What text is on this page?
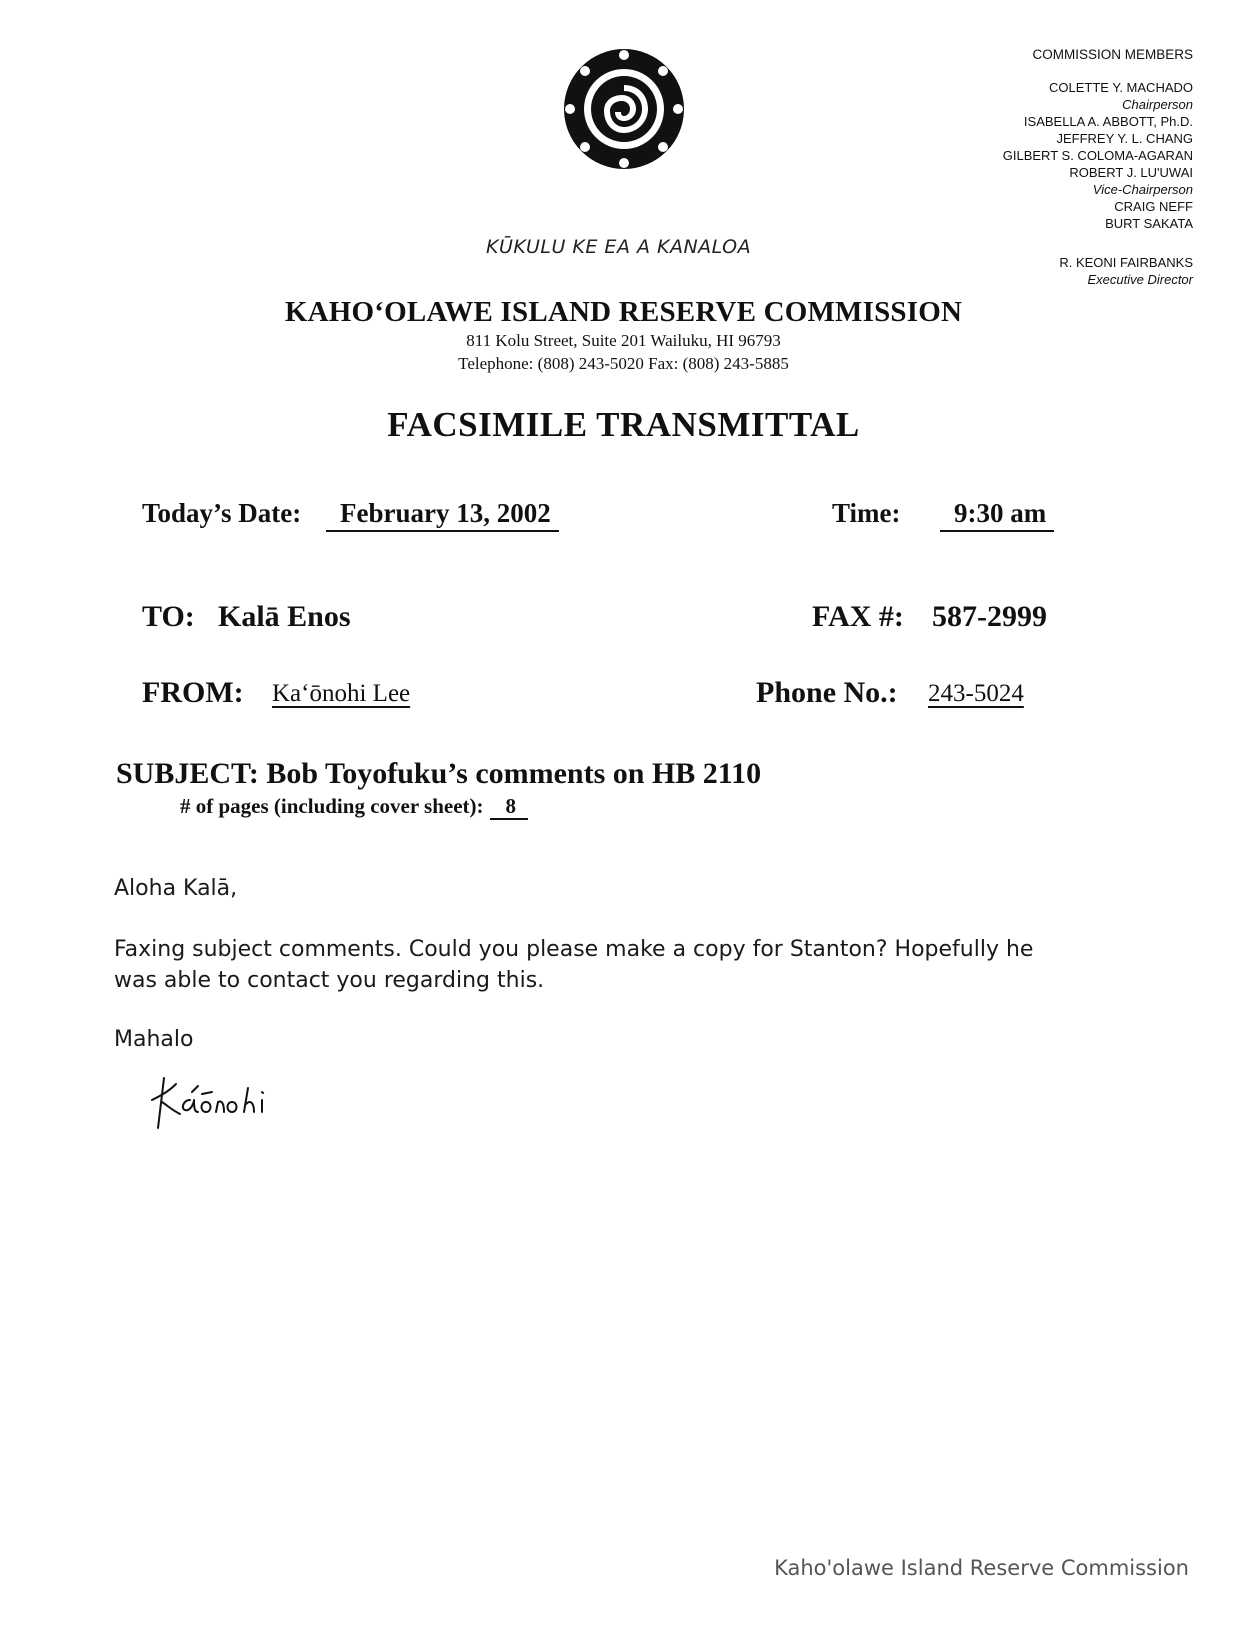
KŪKULU KE EA A KANALOA
COMMISSION MEMBERS
COLETTE Y. MACHADO
Chairperson
ISABELLA A. ABBOTT, Ph.D.
JEFFREY Y. L. CHANG
GILBERT S. COLOMA-AGARAN
ROBERT J. LU'UWAI
Vice-Chairperson
CRAIG NEFF
BURT SAKATA
R. KEONI FAIRBANKS
Executive Director
KAHO‘OLAWE ISLAND RESERVE COMMISSION
811 Kolu Street, Suite 201 Wailuku, HI 96793
Telephone: (808) 243-5020 Fax: (808) 243-5885
FACSIMILE TRANSMITTAL
Today’s Date:	February 13, 2002	Time:	9:30 am
TO: Kalā Enos	FAX #: 587-2999
FROM: Ka‘ōnohi Lee	Phone No.: 243-5024
SUBJECT: Bob Toyofuku’s comments on HB 2110
# of pages (including cover sheet): 8
Aloha Kalā,
Faxing subject comments. Could you please make a copy for Stanton? Hopefully he
was able to contact you regarding this.
Mahalo
Ka‘ōnohi
Kaho'olawe Island Reserve Commission
